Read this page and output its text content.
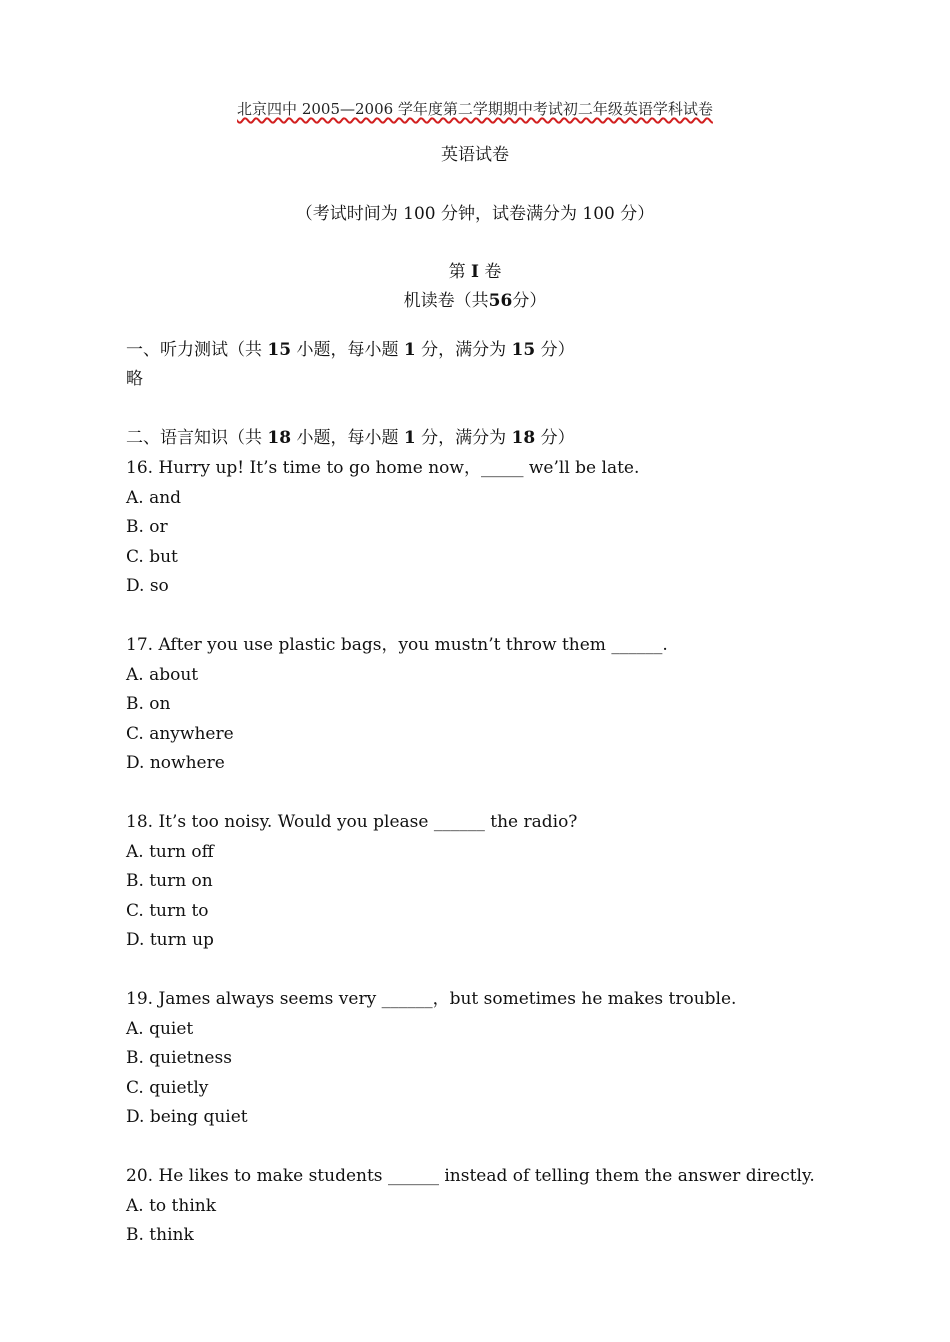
北京四中 2005—2006 学年度第二学期期中考试初二年级英语学科试卷
英语试卷
（考试时间为 100 分钟，试卷满分为 100 分）
第 I 卷
机读卷（共56分）
一、听力测试（共 15 小题，每小题 1 分，满分为 15 分）
略
二、语言知识（共 18 小题，每小题 1 分，满分为 18 分）
16. Hurry up! It’s time to go home now，_____ we’ll be late.
A. and
B. or
C. but
D. so
17. After you use plastic bags，you mustn’t throw them ______.
A. about
B. on
C. anywhere
D. nowhere
18. It’s too noisy. Would you please ______ the radio?
A. turn off
B. turn on
C. turn to
D. turn up
19. James always seems very ______，but sometimes he makes trouble.
A. quiet
B. quietness
C. quietly
D. being quiet
20. He likes to make students ______ instead of telling them the answer directly.
A. to think
B. think
